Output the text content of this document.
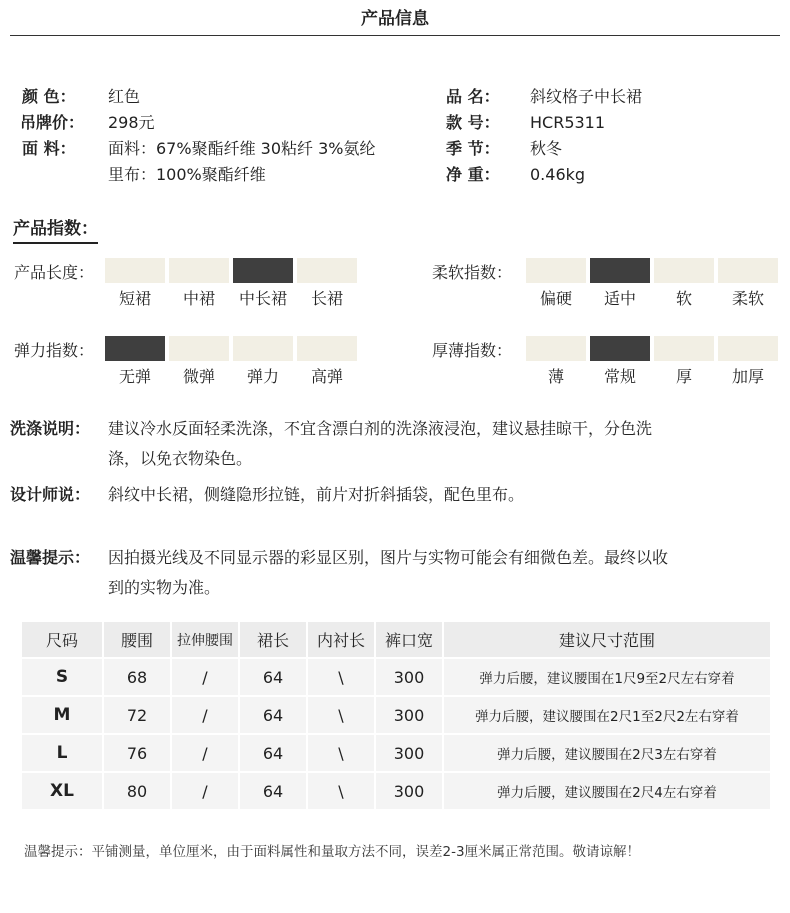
产品信息
颜 色： 红色
吊牌价： 298元
面 料： 面料：67%聚酯纤维 30粘纤 3%氨纶
里布：100%聚酯纤维
品 名： 斜纹格子中长裙
款 号： HCR5311
季 节： 秋冬
净 重： 0.46kg
产品指数：
产品长度：
短裙	中裙	中长裙	长裙
柔软指数：
偏硬	适中	软	柔软
弹力指数：
无弹	微弹	弹力	高弹
厚薄指数：
薄	常规	厚	加厚
洗涤说明： 建议冷水反面轻柔洗涤，不宜含漂白剂的洗涤液浸泡，建议悬挂晾干，分色洗
涤，以免衣物染色。
设计师说： 斜纹中长裙，侧缝隐形拉链，前片对折斜插袋，配色里布。
温馨提示： 因拍摄光线及不同显示器的彩显区别，图片与实物可能会有细微色差。最终以收
到的实物为准。
尺码	腰围	拉伸腰围	裙长	内衬长	裤口宽	建议尺寸范围
S	68	/	64	\	300	弹力后腰，建议腰围在1尺9至2尺左右穿着
M	72	/	64	\	300	弹力后腰，建议腰围在2尺1至2尺2左右穿着
L	76	/	64	\	300	弹力后腰，建议腰围在2尺3左右穿着
XL	80	/	64	\	300	弹力后腰，建议腰围在2尺4左右穿着
温馨提示：平铺测量，单位厘米，由于面料属性和量取方法不同，误差2-3厘米属正常范围。敬请谅解！
